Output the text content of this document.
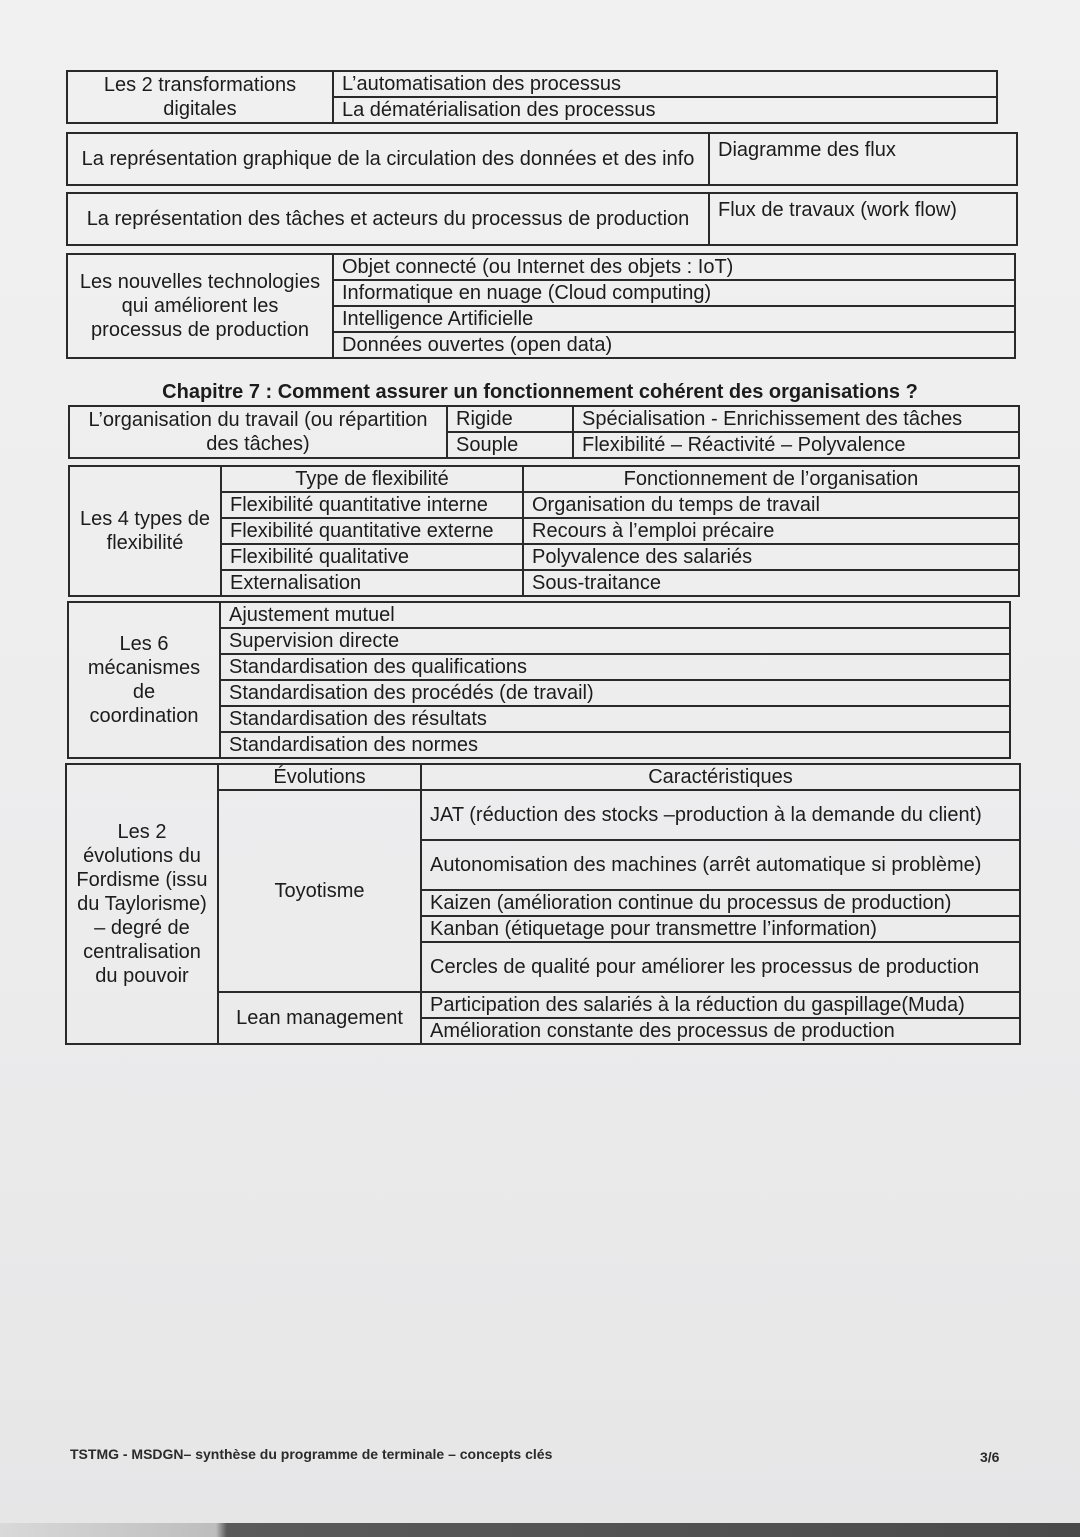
Les 2 transformations digitales	L’automatisation des processus
La dématérialisation des processus
La représentation graphique de la circulation des données et des info	Diagramme des flux
La représentation des tâches et acteurs du processus de production	Flux de travaux (work flow)
Les nouvelles technologies qui améliorent les processus de production	Objet connecté (ou Internet des objets : IoT)
Informatique en nuage (Cloud computing)
Intelligence Artificielle
Données ouvertes (open data)
Chapitre 7 : Comment assurer un fonctionnement cohérent des organisations ?
L’organisation du travail (ou répartition des tâches)	Rigide	Spécialisation - Enrichissement des tâches
	Souple	Flexibilité – Réactivité – Polyvalence
Les 4 types de flexibilité	Type de flexibilité	Fonctionnement de l’organisation
	Flexibilité quantitative interne	Organisation du temps de travail
	Flexibilité quantitative externe	Recours à l’emploi précaire
	Flexibilité qualitative	Polyvalence des salariés
	Externalisation	Sous-traitance
Les 6 mécanismes de coordination	Ajustement mutuel
Supervision directe
Standardisation des qualifications
Standardisation des procédés (de travail)
Standardisation des résultats
Standardisation des normes
Les 2 évolutions du Fordisme (issu du Taylorisme) – degré de centralisation du pouvoir	Évolutions	Caractéristiques
	Toyotisme	JAT (réduction des stocks –production à la demande du client)
		Autonomisation des machines (arrêt automatique si problème)
		Kaizen (amélioration continue du processus de production)
		Kanban (étiquetage pour transmettre l’information)
		Cercles de qualité pour améliorer les processus de production
	Lean management	Participation des salariés à la réduction du gaspillage(Muda)
		Amélioration constante des processus de production
TSTMG - MSDGN– synthèse du programme de terminale – concepts clés	3/6
